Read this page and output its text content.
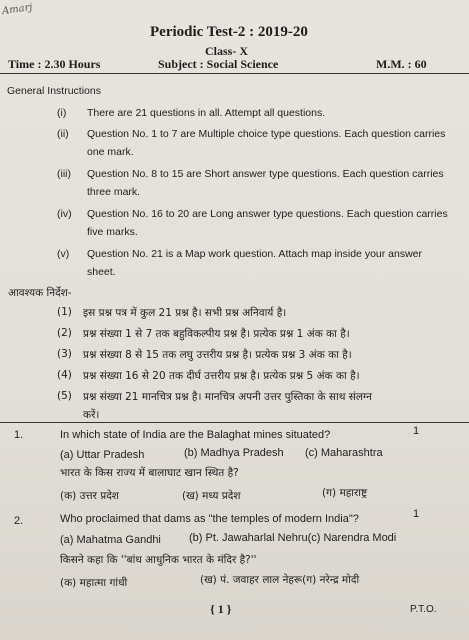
Amarj
Periodic Test-2 : 2019-20
Class- X
Time : 2.30 Hours	Subject : Social Science	M.M. : 60
General Instructions
(i) There are 21 questions in all. Attempt all questions.
(ii) Question No. 1 to 7 are Multiple choice type questions. Each question carries
one mark.
(iii) Question No. 8 to 15 are Short answer type questions. Each question carries
three mark.
(iv) Question No. 16 to 20 are Long answer type questions. Each question carries
five marks.
(v) Question No. 21 is a Map work question. Attach map inside your answer
sheet.
आवश्यक निर्देश-
(1) इस प्रश्न पत्र में कुल 21 प्रश्न है। सभी प्रश्न अनिवार्य है।
(2) प्रश्न संख्या 1 से 7 तक बहुविकल्पीय प्रश्न है। प्रत्येक प्रश्न 1 अंक का है।
(3) प्रश्न संख्या 8 से 15 तक लघु उत्तरीय प्रश्न है। प्रत्येक प्रश्न 3 अंक का है।
(4) प्रश्न संख्या 16 से 20 तक दीर्घ उत्तरीय प्रश्न है। प्रत्येक प्रश्न 5 अंक का है।
(5) प्रश्न संख्या 21 मानचित्र प्रश्न है। मानचित्र अपनी उत्तर पुस्तिका के साथ संलग्न
करें।
1.	In which state of India are the Balaghat mines situated?	1
(a) Uttar Pradesh	(b) Madhya Pradesh (c) Maharashtra
भारत के किस राज्य में बालाघाट खान स्थित है?
(क) उत्तर प्रदेश	(ख) मध्य प्रदेश	(ग) महाराष्ट्र
2.	Who proclaimed that dams as "the temples of modern India"?	1
(a) Mahatma Gandhi	(b) Pt. Jawaharlal Nehru(c) Narendra Modi
किसने कहा कि ''बांध आधुनिक भारत के मंदिर है?''
(क) महात्मा गांधी	(ख) पं. जवाहर लाल नेहरू(ग) नरेन्द्र मोदी
{ 1 }	P.T.O.
